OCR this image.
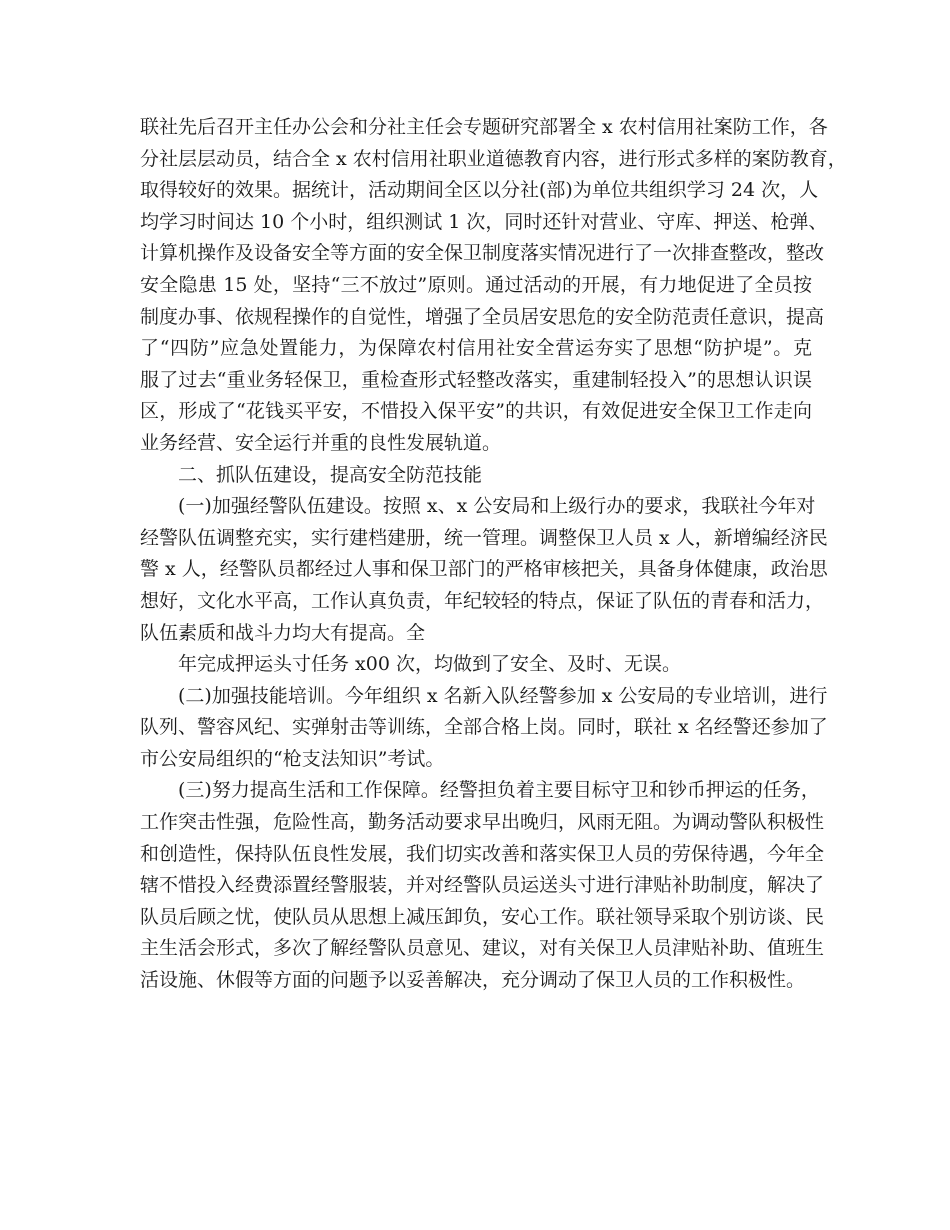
联社先后召开主任办公会和分社主任会专题研究部署全 x 农村信用社案防工作，各
分社层层动员，结合全 x 农村信用社职业道德教育内容，进行形式多样的案防教育，
取得较好的效果。据统计，活动期间全区以分社(部)为单位共组织学习 24 次，人
均学习时间达 10 个小时，组织测试 1 次，同时还针对营业、守库、押送、枪弹、
计算机操作及设备安全等方面的安全保卫制度落实情况进行了一次排查整改，整改
安全隐患 15 处，坚持“三不放过”原则。通过活动的开展，有力地促进了全员按
制度办事、依规程操作的自觉性，增强了全员居安思危的安全防范责任意识，提高
了“四防”应急处置能力，为保障农村信用社安全营运夯实了思想“防护堤”。克
服了过去“重业务轻保卫，重检查形式轻整改落实，重建制轻投入”的思想认识误
区，形成了“花钱买平安，不惜投入保平安”的共识，有效促进安全保卫工作走向
业务经营、安全运行并重的良性发展轨道。
二、抓队伍建设，提高安全防范技能
(一)加强经警队伍建设。按照 x、x 公安局和上级行办的要求，我联社今年对
经警队伍调整充实，实行建档建册，统一管理。调整保卫人员 x 人，新增编经济民
警 x 人，经警队员都经过人事和保卫部门的严格审核把关，具备身体健康，政治思
想好，文化水平高，工作认真负责，年纪较轻的特点，保证了队伍的青春和活力，
队伍素质和战斗力均大有提高。全
年完成押运头寸任务 x00 次，均做到了安全、及时、无误。
(二)加强技能培训。今年组织 x 名新入队经警参加 x 公安局的专业培训，进行
队列、警容风纪、实弹射击等训练，全部合格上岗。同时，联社 x 名经警还参加了
市公安局组织的“枪支法知识”考试。
(三)努力提高生活和工作保障。经警担负着主要目标守卫和钞币押运的任务，
工作突击性强，危险性高，勤务活动要求早出晚归，风雨无阻。为调动警队积极性
和创造性，保持队伍良性发展，我们切实改善和落实保卫人员的劳保待遇，今年全
辖不惜投入经费添置经警服装，并对经警队员运送头寸进行津贴补助制度，解决了
队员后顾之忧，使队员从思想上减压卸负，安心工作。联社领导采取个别访谈、民
主生活会形式，多次了解经警队员意见、建议，对有关保卫人员津贴补助、值班生
活设施、休假等方面的问题予以妥善解决，充分调动了保卫人员的工作积极性。
